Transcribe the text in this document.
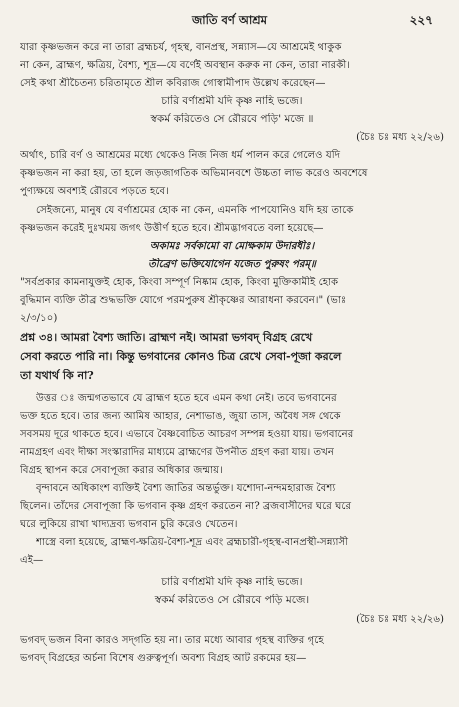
জাতি বর্ণ আশ্রম	২২৭
যারা কৃষ্ণভজন করে না তারা ব্রহ্মচর্য, গৃহস্থ, বানপ্রস্থ, সন্ন্যাস—যে আশ্রমেই থাকুক
না কেন, ব্রাহ্মণ, ক্ষত্রিয়, বৈশ্য, শূদ্র—যে বর্ণেই অবস্থান করুক না কেন, তারা নারকী।
সেই কথা শ্রীচৈতন্য চরিতামৃতে শ্রীল কবিরাজ গোস্বামীপাদ উল্লেখ করেছেন—
চারি বর্ণাশ্রমী যদি কৃষ্ণ নাহি ভজে।
স্বকর্ম করিতেও সে রৌরবে পড়ি' মজে ॥
(চৈঃ চঃ মধ্য ২২/২৬)
অর্থাৎ, চারি বর্ণ ও আশ্রমের মধ্যে থেকেও নিজ নিজ ধর্ম পালন করে গেলেও যদি
কৃষ্ণভজন না করা হয়, তা হলে জড়জাগতিক অভিমানবশে উচ্চতা লাভ করেও অবশেষে
পুণ্যক্ষয়ে অবশ্যই রৌরবে পড়তে হবে।
সেইজন্যে, মানুষ যে বর্ণাশ্রমের হোক না কেন, এমনকি পাপযোনিও যদি হয় তাকে
কৃষ্ণভজন করেই দুঃখময় জগৎ উত্তীর্ণ হতে হবে। শ্রীমদ্ভাগবতে বলা হয়েছে—
অকামঃ সর্বকামো বা মোক্ষকাম উদারধীঃ।
তীব্রেণ ভক্তিযোগেন যজেত পুরুষং পরম্‌॥
"সর্বপ্রকার কামনাযুক্তই হোক, কিংবা সম্পূর্ণ নিষ্কাম হোক, কিংবা মুক্তিকামীই হোক
বুদ্ধিমান ব্যক্তি তীব্র শুদ্ধভক্তি যোগে পরমপুরুষ শ্রীকৃষ্ণের আরাধনা করবেন।" (ভাঃ
২/৩/১০)
প্রশ্ন ৩৪। আমরা বৈশ্য জাতি। ব্রাহ্মণ নই। আমরা ভগবদ্‌ বিগ্রহ রেখে
সেবা করতে পারি না। কিন্তু ভগবানের কোনও চিত্র রেখে সেবা-পূজা করলে
তা যথার্থ কি না?
উত্তর ঃ জন্মগতভাবে যে ব্রাহ্মণ হতে হবে এমন কথা নেই। তবে ভগবানের
ভক্ত হতে হবে। তার জন্য আমিষ আহার, নেশাভাঙ, জুয়া তাস, অবৈধ সঙ্গ থেকে
সবসময় দূরে থাকতে হবে। এভাবে বৈষ্ণবোচিত আচরণ সম্পন্ন হওয়া যায়। ভগবানের
নামগ্রহণ এবং দীক্ষা সংস্কারাদির মাধ্যমে ব্রাহ্মণের উপনীত গ্রহণ করা যায়। তখন
বিগ্রহ স্থাপন করে সেবাপূজা করার অধিকার জন্মায়।
বৃন্দাবনে অধিকাংশ ব্যক্তিই বৈশ্য জাতির অন্তর্ভুক্ত। যশোদা-নন্দমহারাজ বৈশ্য
ছিলেন। তাঁদের সেবাপূজা কি ভগবান কৃষ্ণ গ্রহণ করতেন না? ব্রজবাসীদের ঘরে ঘরে
ঘরে লুকিয়ে রাখা খাদ্যদ্রব্য ভগবান চুরি করেও খেতেন।
শাস্ত্রে বলা হয়েছে, ব্রাহ্মণ-ক্ষত্রিয়-বৈশ্য-শূদ্র এবং ব্রহ্মচারী-গৃহস্থ-বানপ্রস্থী-সন্ন্যাসী
এই—
চারি বর্ণাশ্রমী যদি কৃষ্ণ নাহি ভজে।
স্বকর্ম করিতেও সে রৌরবে পড়ি মজে।
(চৈঃ চঃ মধ্য ২২/২৬)
ভগবদ্‌ ভজন বিনা কারও সদ্‌গতি হয় না। তার মধ্যে আবার গৃহস্থ ব্যক্তির গৃহে
ভগবদ্‌ বিগ্রহের অর্চনা বিশেষ গুরুত্বপূর্ণ। অবশ্য বিগ্রহ আট রকমের হয়—
